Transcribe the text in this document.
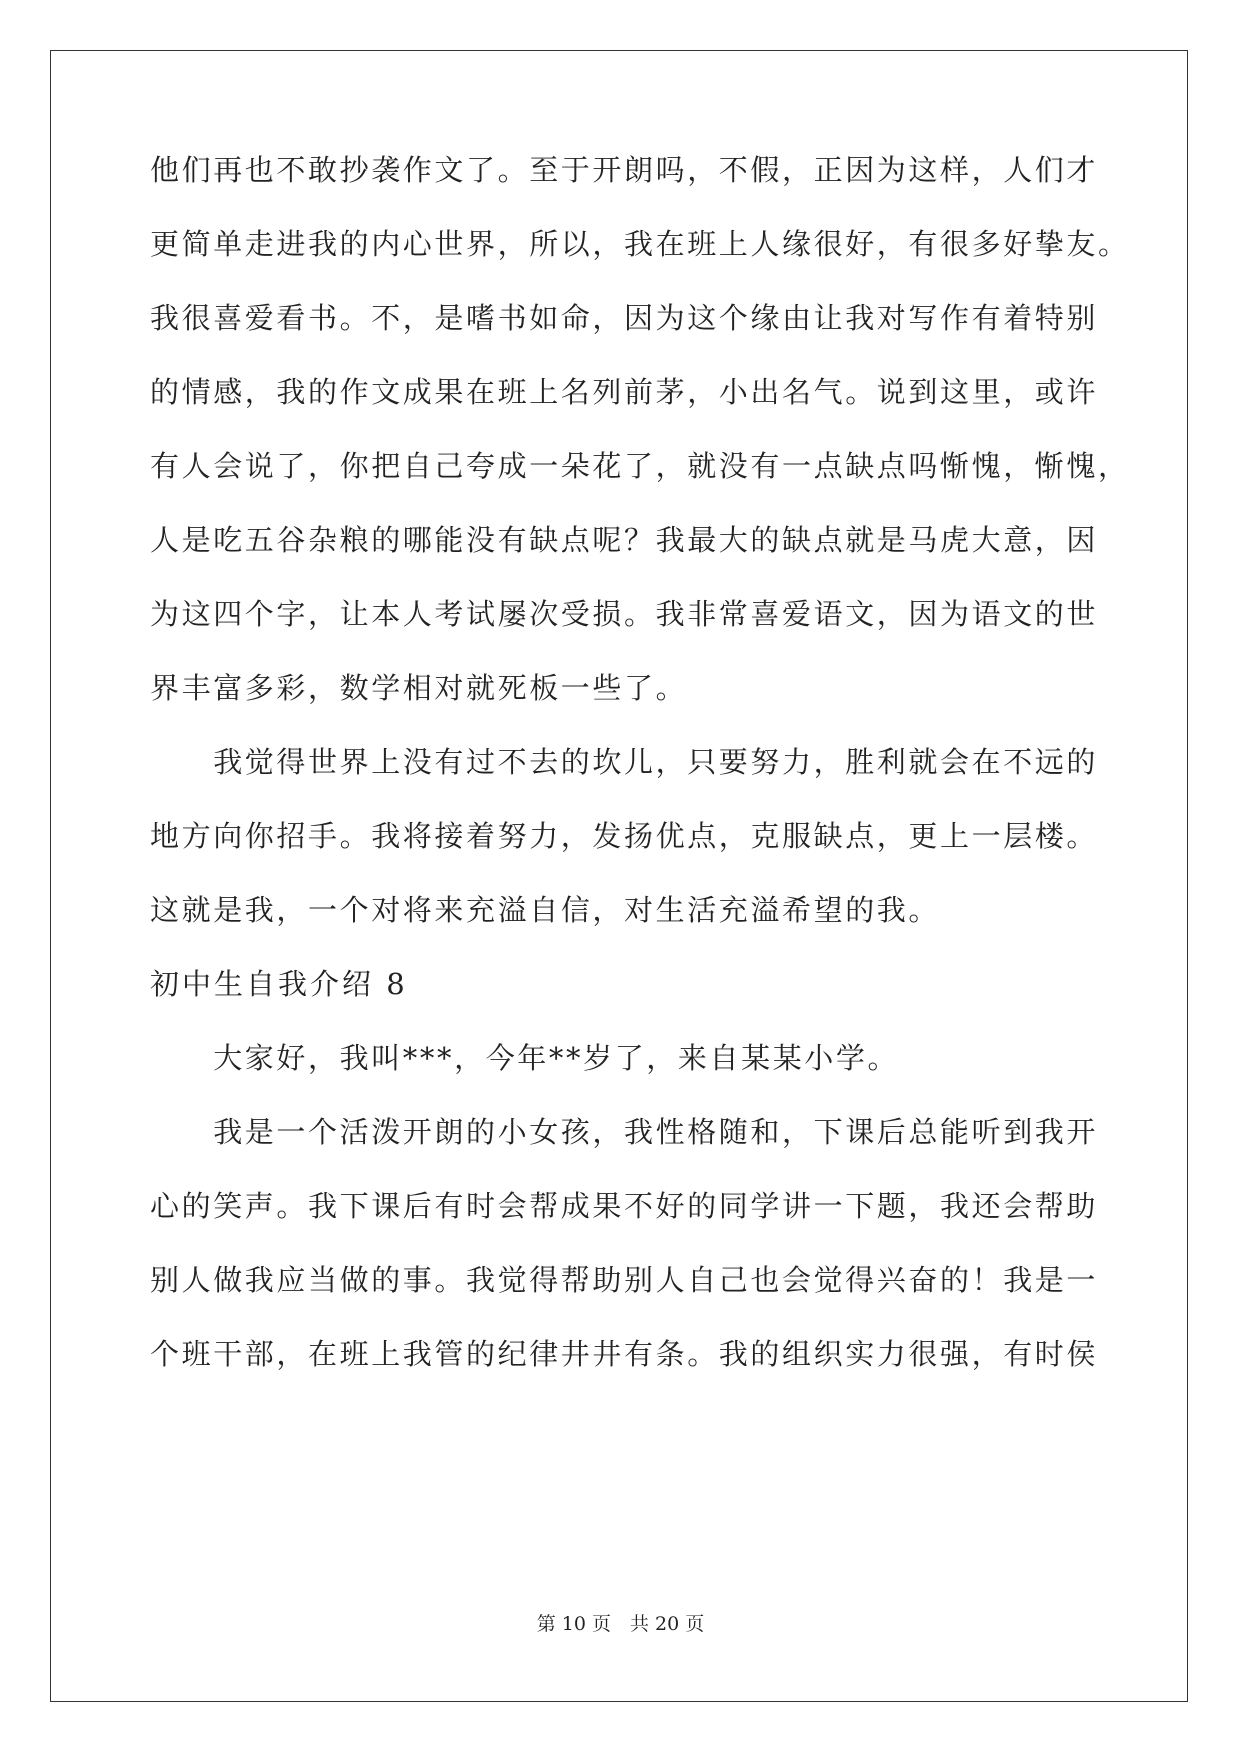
他们再也不敢抄袭作文了。至于开朗吗，不假，正因为这样，人们才
更简单走进我的内心世界，所以，我在班上人缘很好，有很多好挚友。
我很喜爱看书。不，是嗜书如命，因为这个缘由让我对写作有着特别
的情感，我的作文成果在班上名列前茅，小出名气。说到这里，或许
有人会说了，你把自己夸成一朵花了，就没有一点缺点吗惭愧，惭愧，
人是吃五谷杂粮的哪能没有缺点呢？我最大的缺点就是马虎大意，因
为这四个字，让本人考试屡次受损。我非常喜爱语文，因为语文的世
界丰富多彩，数学相对就死板一些了。
　　我觉得世界上没有过不去的坎儿，只要努力，胜利就会在不远的
地方向你招手。我将接着努力，发扬优点，克服缺点，更上一层楼。
这就是我，一个对将来充溢自信，对生活充溢希望的我。
初中生自我介绍 8
　　大家好，我叫***，今年**岁了，来自某某小学。
　　我是一个活泼开朗的小女孩，我性格随和，下课后总能听到我开
心的笑声。我下课后有时会帮成果不好的同学讲一下题，我还会帮助
别人做我应当做的事。我觉得帮助别人自己也会觉得兴奋的！我是一
个班干部，在班上我管的纪律井井有条。我的组织实力很强，有时侯
第 10 页　共 20 页
